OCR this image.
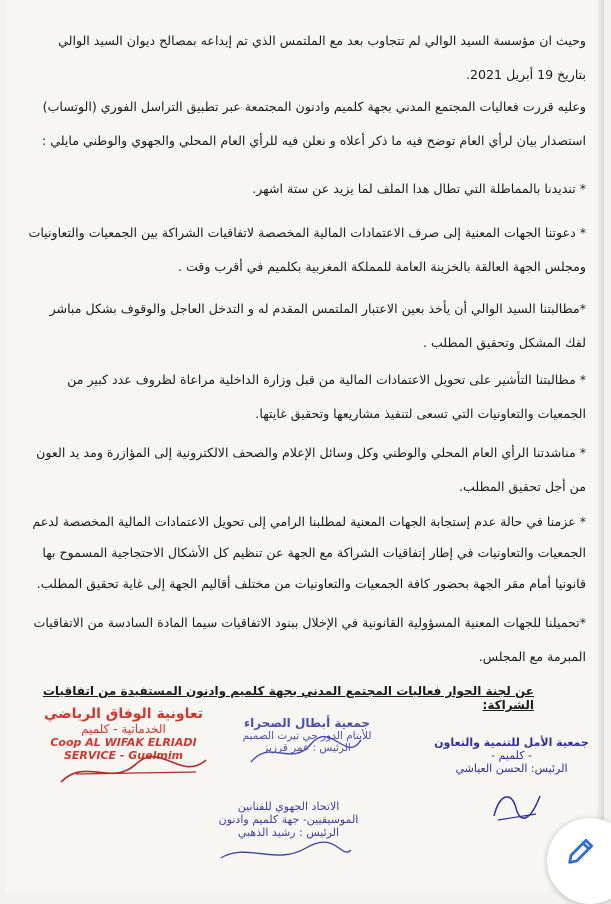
وحيث ان مؤسسة السيد الوالي لم تتجاوب بعد مع الملتمس الذي تم إيداعه بمصالح ديوان السيد الوالي بتاريخ 19 أبريل 2021.

وعليه قررت فعاليات المجتمع المدني بجهة كلميم وادنون المجتمعة عبر تطبيق التراسل الفوري (الوتساب) استصدار بيان لرأي العام توضح فيه ما ذكر أعلاه و نعلن فيه للرأي العام المحلي والجهوي والوطني مايلي :

* تنديدنا بالمماطلة التي تطال هدا الملف لما يزيد عن ستة اشهر.

* دعوتنا الجهات المعنية إلى صرف الاعتمادات المالية المخصصة لاتفاقيات الشراكة بين الجمعيات والتعاونيات ومجلس الجهة العالقة بالخزينة العامة للمملكة المغربية بكلميم في أقرب وقت .

*مطالبتنا السيد الوالي أن يأخذ بعين الاعتبار الملتمس المقدم له و التدخل العاجل والوقوف بشكل مباشر لفك المشكل وتحقيق المطلب .

* مطالبتنا التأشير على تحويل الاعتمادات المالية من قبل وزارة الداخلية مراعاة لظروف عدد كبير من الجمعيات والتعاونيات التي تسعى لتنفيذ مشاريعها وتحقيق غايتها.

* مناشدتنا الرأي العام المحلي والوطني وكل وسائل الإعلام والصحف الالكترونية إلى المؤازرة ومد يد العون من أجل تحقيق المطلب.

* عزمنا في حالة عدم إستجابة الجهات المعنية لمطلبنا الرامي إلى تحويل الاعتمادات المالية المخصصة لدعم الجمعيات والتعاونيات في إطار إتفاقيات الشراكة مع الجهة عن تنظيم كل الأشكال الاحتجاجية المسموح بها قانونيا أمام مقر الجهة بحضور كافة الجمعيات والتعاونيات من مختلف أقاليم الجهة إلى غاية تحقيق المطلب.

*تحميلنا للجهات المعنية المسؤولية القانونية في الإخلال ببنود الاتفاقيات سيما المادة السادسة من الاتفاقيات المبرمة مع المجلس.

عن لجنة الحوار فعاليات المجتمع المدني بجهة كلميم وادنون المستفيدة من اتفاقيات الشراكة:

تعاونية الوفاق الرياضي
الخدماتية - كلميم
Coop AL WIFAK ELRIADI
SERVICE - Guelmim
جمعية أبطال الصحراء
للأيتام الدور حي تيرت الصميم
الرئيس : عمر قرزيز	جمعية الأمل للتنمية والتعاون
- كلميم -
الرئيس: الحسن العياشي
الاتحاد الجهوي للفنانين
الموسيقيين- جهة كلميم وادنون
الرئيس : رشيد الذهبي
